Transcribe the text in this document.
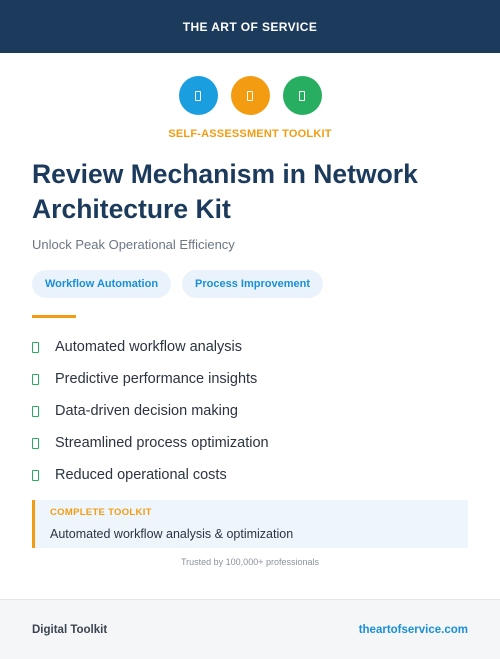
THE ART OF SERVICE
SELF-ASSESSMENT TOOLKIT
Review Mechanism in Network Architecture Kit
Unlock Peak Operational Efficiency
Workflow Automation	Process Improvement
Automated workflow analysis
Predictive performance insights
Data-driven decision making
Streamlined process optimization
Reduced operational costs
COMPLETE TOOLKIT
Automated workflow analysis & optimization
Trusted by 100,000+ professionals
Digital Toolkit	theartofservice.com
